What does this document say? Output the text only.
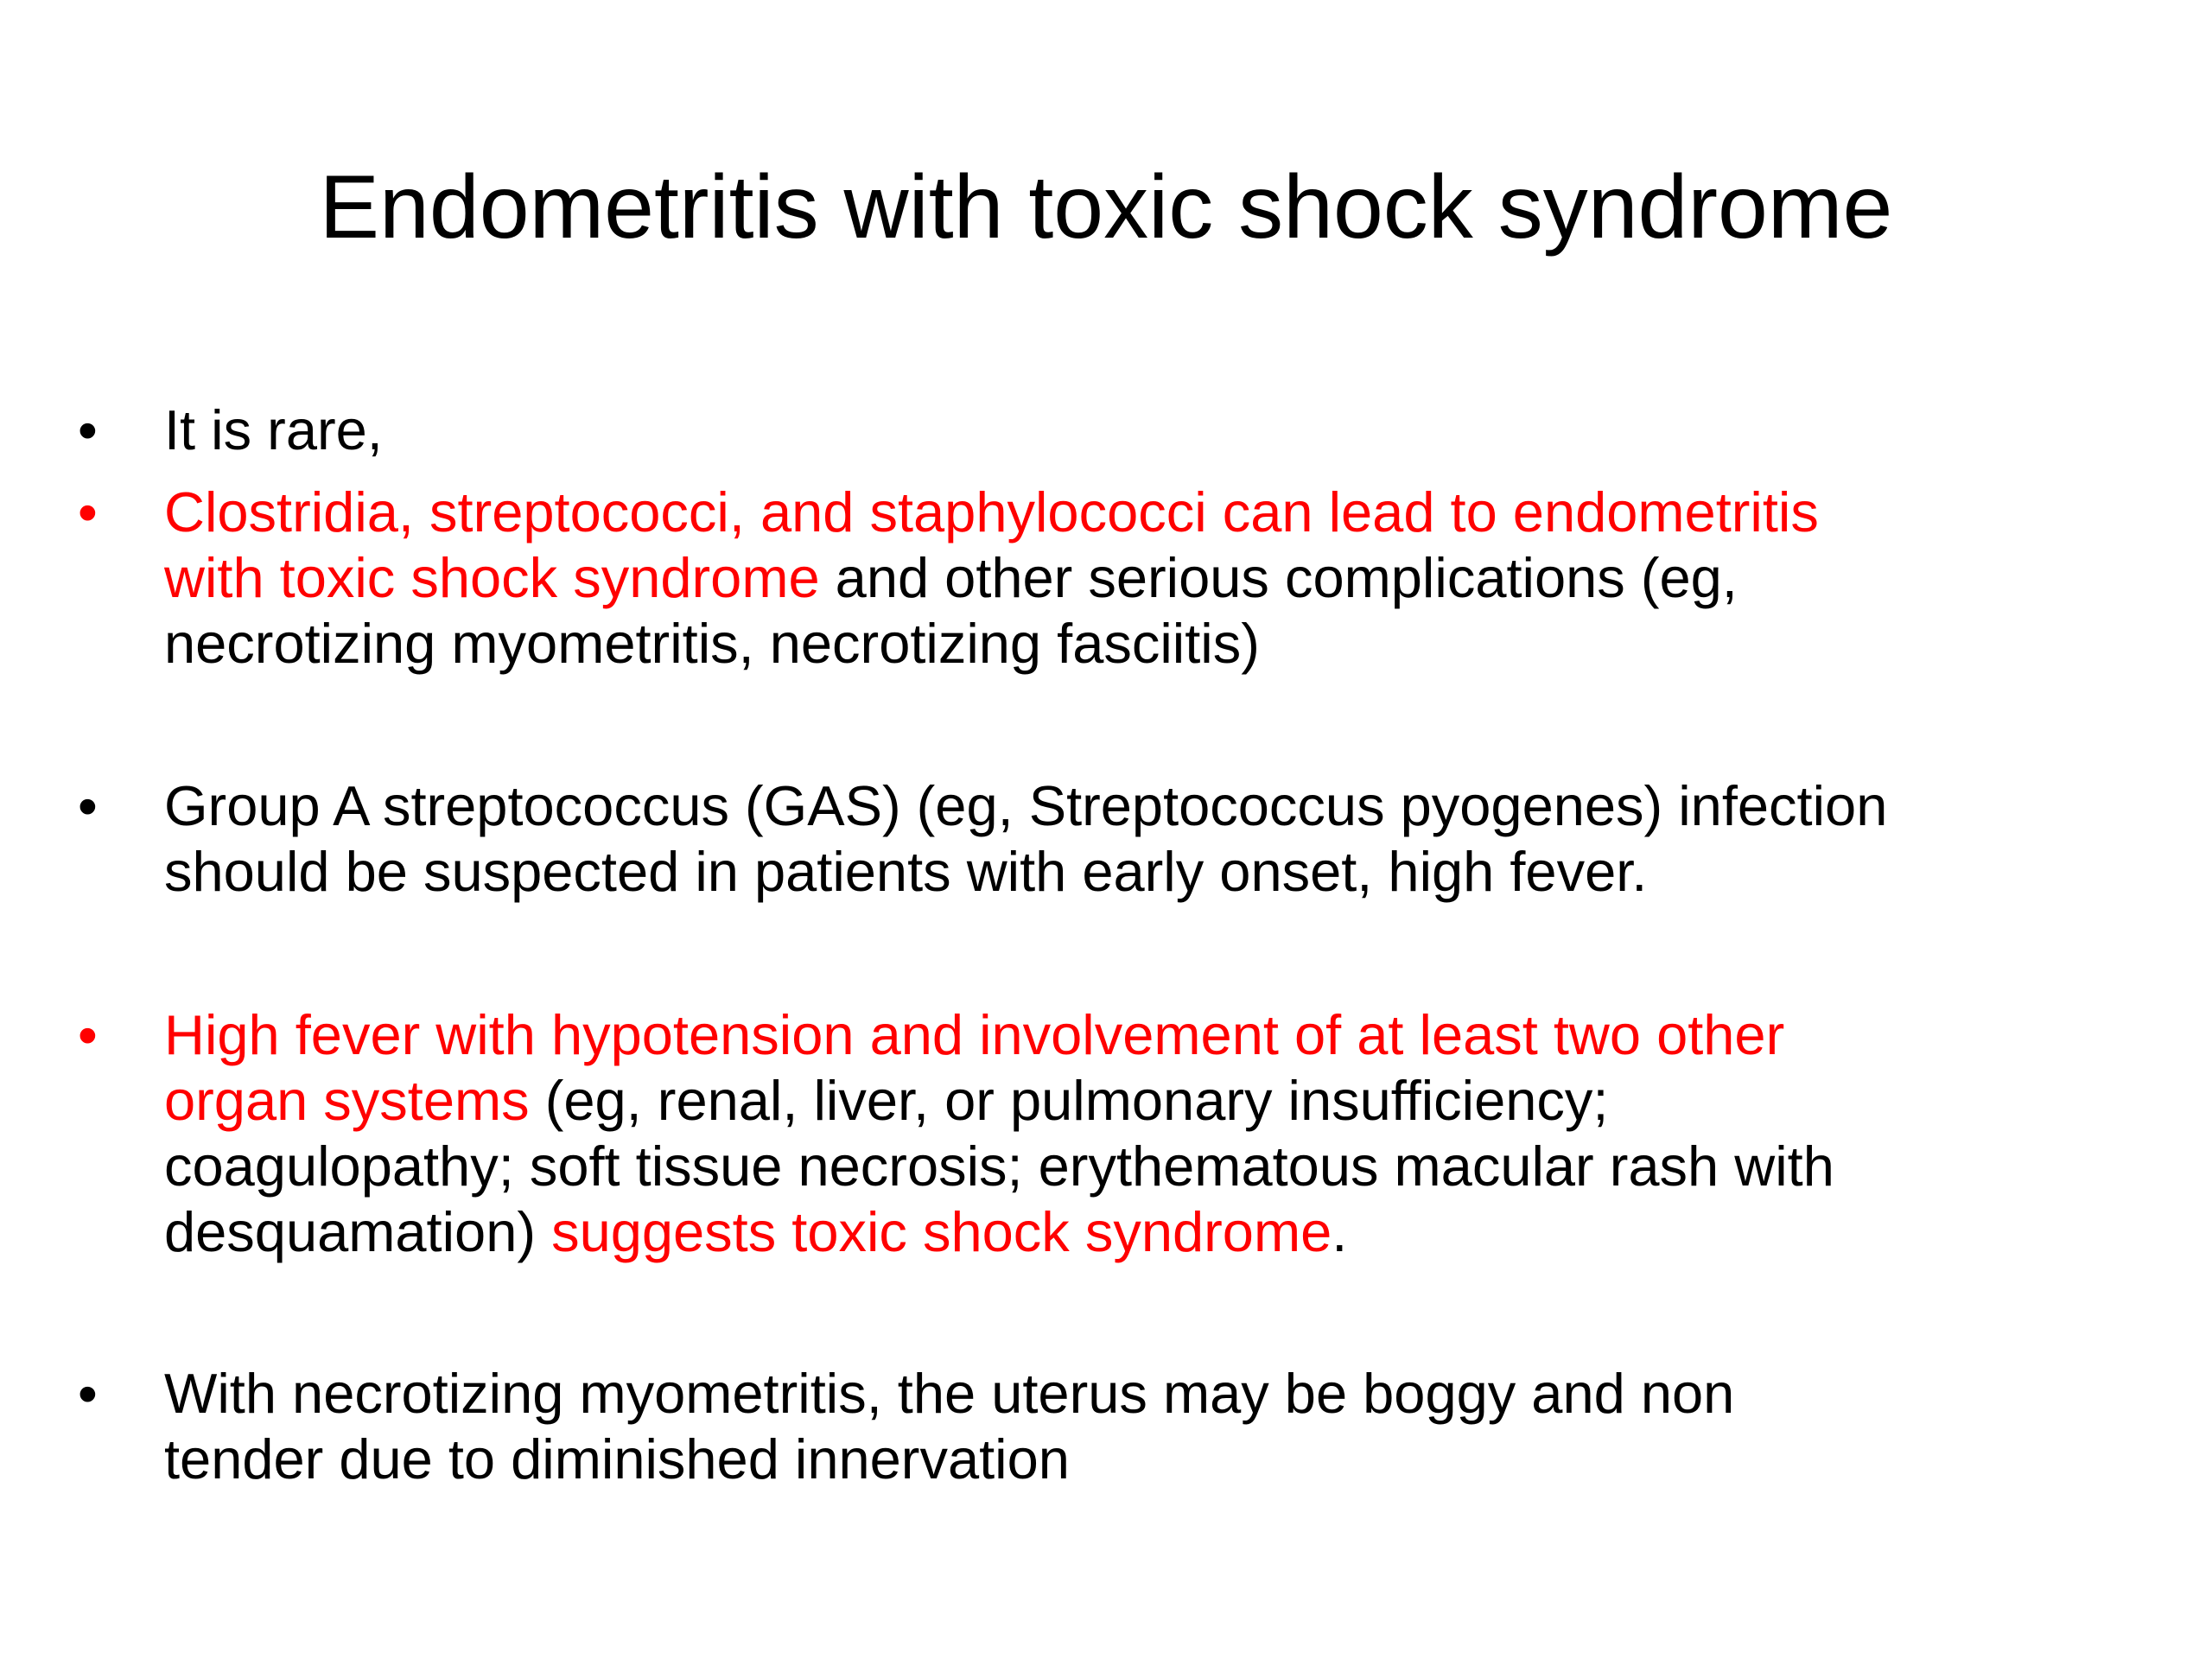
Endometritis with toxic shock syndrome
•	It is rare,
•	Clostridia, streptococci, and staphylococci can lead to endometritis
with toxic shock syndrome and other serious complications (eg,
necrotizing myometritis, necrotizing fasciitis)
•	Group A streptococcus (GAS) (eg, Streptococcus pyogenes) infection
should be suspected in patients with early onset, high fever.
•	High fever with hypotension and involvement of at least two other
organ systems (eg, renal, liver, or pulmonary insufficiency;
coagulopathy; soft tissue necrosis; erythematous macular rash with
desquamation) suggests toxic shock syndrome.
•	With necrotizing myometritis, the uterus may be boggy and non
tender due to diminished innervation
